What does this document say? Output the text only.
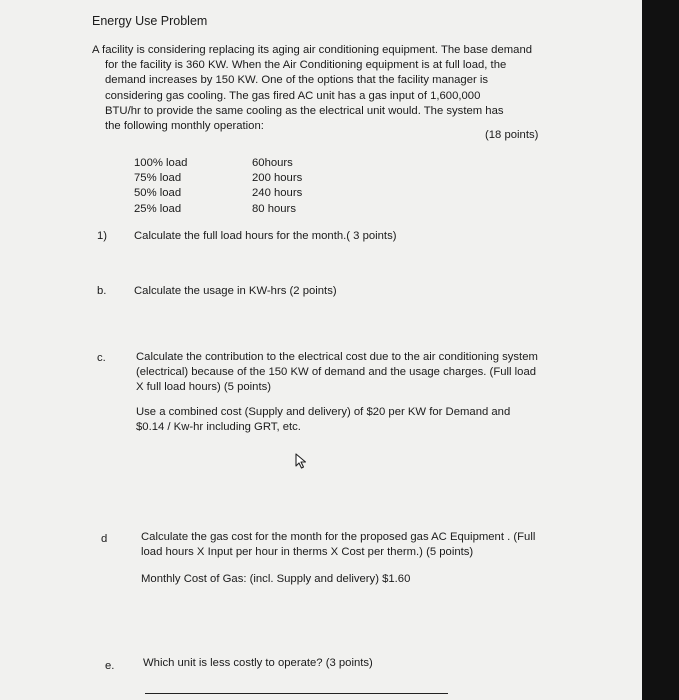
Energy Use Problem

A facility is considering replacing its aging air conditioning equipment. The base demand

for the facility is 360 KW. When the Air Conditioning equipment is at full load, the

demand increases by 150 KW. One of the options that the facility manager is

considering gas cooling. The gas fired AC unit has a gas input of 1,600,000

BTU/hr to provide the same cooling as the electrical unit would. The system has

the following monthly operation:

(18 points)
100% load	60hours
75% load	200 hours
50% load	240 hours
25% load	80 hours
1) Calculate the full load hours for the month.( 3 points)
b. Calculate the usage in KW-hrs (2 points)
c.	Calculate the contribution to the electrical cost due to the air conditioning system
(electrical) because of the 150 KW of demand and the usage charges. (Full load
X full load hours) (5 points)
Use a combined cost (Supply and delivery) of $20 per KW for Demand and
$0.14 / Kw-hr including GRT, etc.
d	Calculate the gas cost for the month for the proposed gas AC Equipment . (Full
load hours X Input per hour in therms X Cost per therm.) (5 points)
Monthly Cost of Gas: (incl. Supply and delivery) $1.60
e.	Which unit is less costly to operate? (3 points)
